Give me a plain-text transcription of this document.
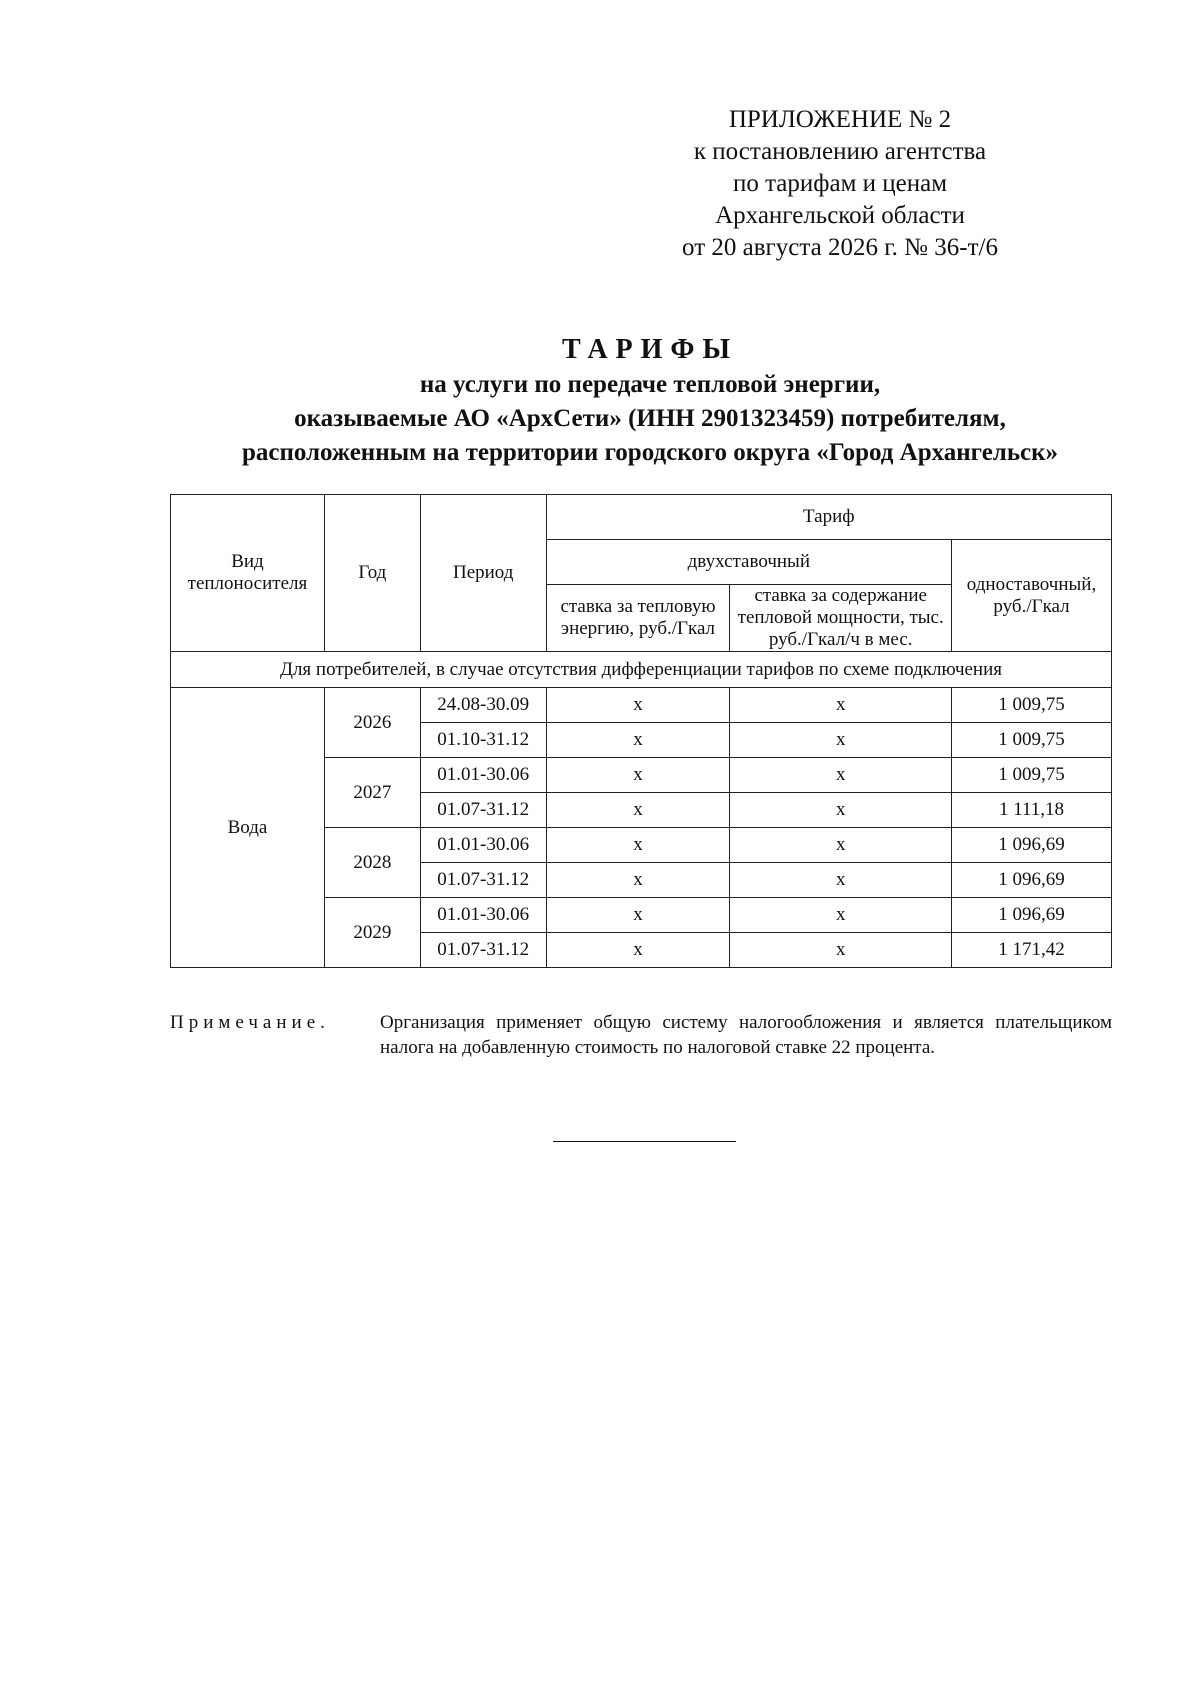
ПРИЛОЖЕНИЕ № 2
к постановлению агентства
по тарифам и ценам
Архангельской области
от 20 августа 2026 г. № 36-т/6
ТАРИФЫ
на услуги по передаче тепловой энергии,
оказываемые АО «АрхСети» (ИНН 2901323459) потребителям,
расположенным на территории городского округа «Город Архангельск»
Вид теплоносителя	Год	Период	Тариф		
			двухставочный		одноставочный, руб./Гкал
			ставка за тепловую энергию, руб./Гкал	ставка за содержание тепловой мощности, тыс. руб./Гкал/ч в мес.	
Для потребителей, в случае отсутствия дифференциации тарифов по схеме подключения					
Вода	2026	24.08-30.09	x	x	1 009,75
		01.10-31.12	x	x	1 009,75
	2027	01.01-30.06	x	x	1 009,75
		01.07-31.12	x	x	1 111,18
	2028	01.01-30.06	x	x	1 096,69
		01.07-31.12	x	x	1 096,69
	2029	01.01-30.06	x	x	1 096,69
		01.07-31.12	x	x	1 171,42
Примечание.	Организация применяет общую систему налогообложения и является плательщиком налога на добавленную стоимость по налоговой ставке 22 процента.
